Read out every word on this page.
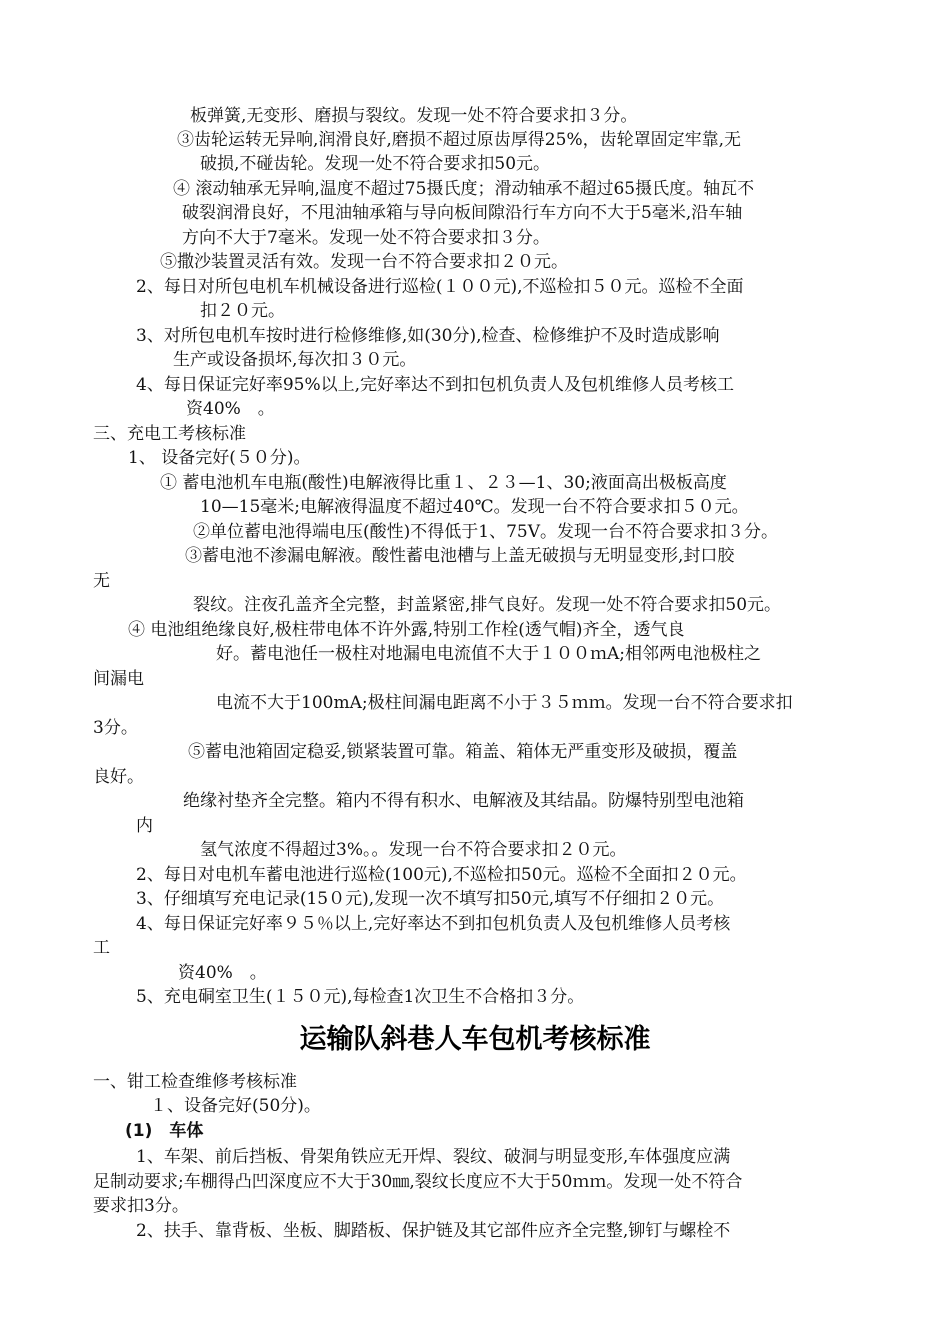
板弹簧,无变形、磨损与裂纹。发现一处不符合要求扣３分。
③齿轮运转无异响,润滑良好,磨损不超过原齿厚得25%，齿轮罩固定牢靠,无
破损,不碰齿轮。发现一处不符合要求扣50元。
④ 滚动轴承无异响,温度不超过75摄氏度；滑动轴承不超过65摄氏度。轴瓦不
破裂润滑良好，不甩油轴承箱与导向板间隙沿行车方向不大于5毫米,沿车轴
方向不大于7毫米。发现一处不符合要求扣３分。
⑤撒沙装置灵活有效。发现一台不符合要求扣２０元。
2、每日对所包电机车机械设备进行巡检(１００元),不巡检扣５０元。巡检不全面
扣２０元。
3、对所包电机车按时进行检修维修,如(30分),检查、检修维护不及时造成影响
生产或设备损坏,每次扣３０元。
4、每日保证完好率95%以上,完好率达不到扣包机负责人及包机维修人员考核工
资40%　。
三、充电工考核标准
1、 设备完好(５０分)。
① 蓄电池机车电瓶(酸性)电解液得比重１、２３—1、30;液面高出极板高度
10—15毫米;电解液得温度不超过40℃。发现一台不符合要求扣５０元。
②单位蓄电池得端电压(酸性)不得低于1、75V。发现一台不符合要求扣３分。
③蓄电池不渗漏电解液。酸性蓄电池槽与上盖无破损与无明显变形,封口胶
无
裂纹。注夜孔盖齐全完整，封盖紧密,排气良好。发现一处不符合要求扣50元。
④ 电池组绝缘良好,极柱带电体不许外露,特别工作栓(透气帽)齐全，透气良
好。蓄电池任一极柱对地漏电电流值不大于１００ｍA;相邻两电池极柱之
间漏电
电流不大于100mA;极柱间漏电距离不小于３５ｍｍ。发现一台不符合要求扣
3分。
⑤蓄电池箱固定稳妥,锁紧装置可靠。箱盖、箱体无严重变形及破损，覆盖
良好。
绝缘衬垫齐全完整。箱内不得有积水、电解液及其结晶。防爆特别型电池箱
内
氢气浓度不得超过3%。。发现一台不符合要求扣２０元。
2、每日对电机车蓄电池进行巡检(100元),不巡检扣50元。巡检不全面扣２０元。
3、仔细填写充电记录(15０元),发现一次不填写扣50元,填写不仔细扣２０元。
4、每日保证完好率９５％以上,完好率达不到扣包机负责人及包机维修人员考核
工
资40%　。
5、充电硐室卫生(１５０元),每检查1次卫生不合格扣３分。
运输队斜巷人车包机考核标准
一、钳工检查维修考核标准
１、设备完好(50分)。
(1)　车体
1、车架、前后挡板、骨架角铁应无开焊、裂纹、破洞与明显变形,车体强度应满
足制动要求;车棚得凸凹深度应不大于30㎜,裂纹长度应不大于50ｍｍ。发现一处不符合
要求扣3分。
2、扶手、靠背板、坐板、脚踏板、保护链及其它部件应齐全完整,铆钉与螺栓不
